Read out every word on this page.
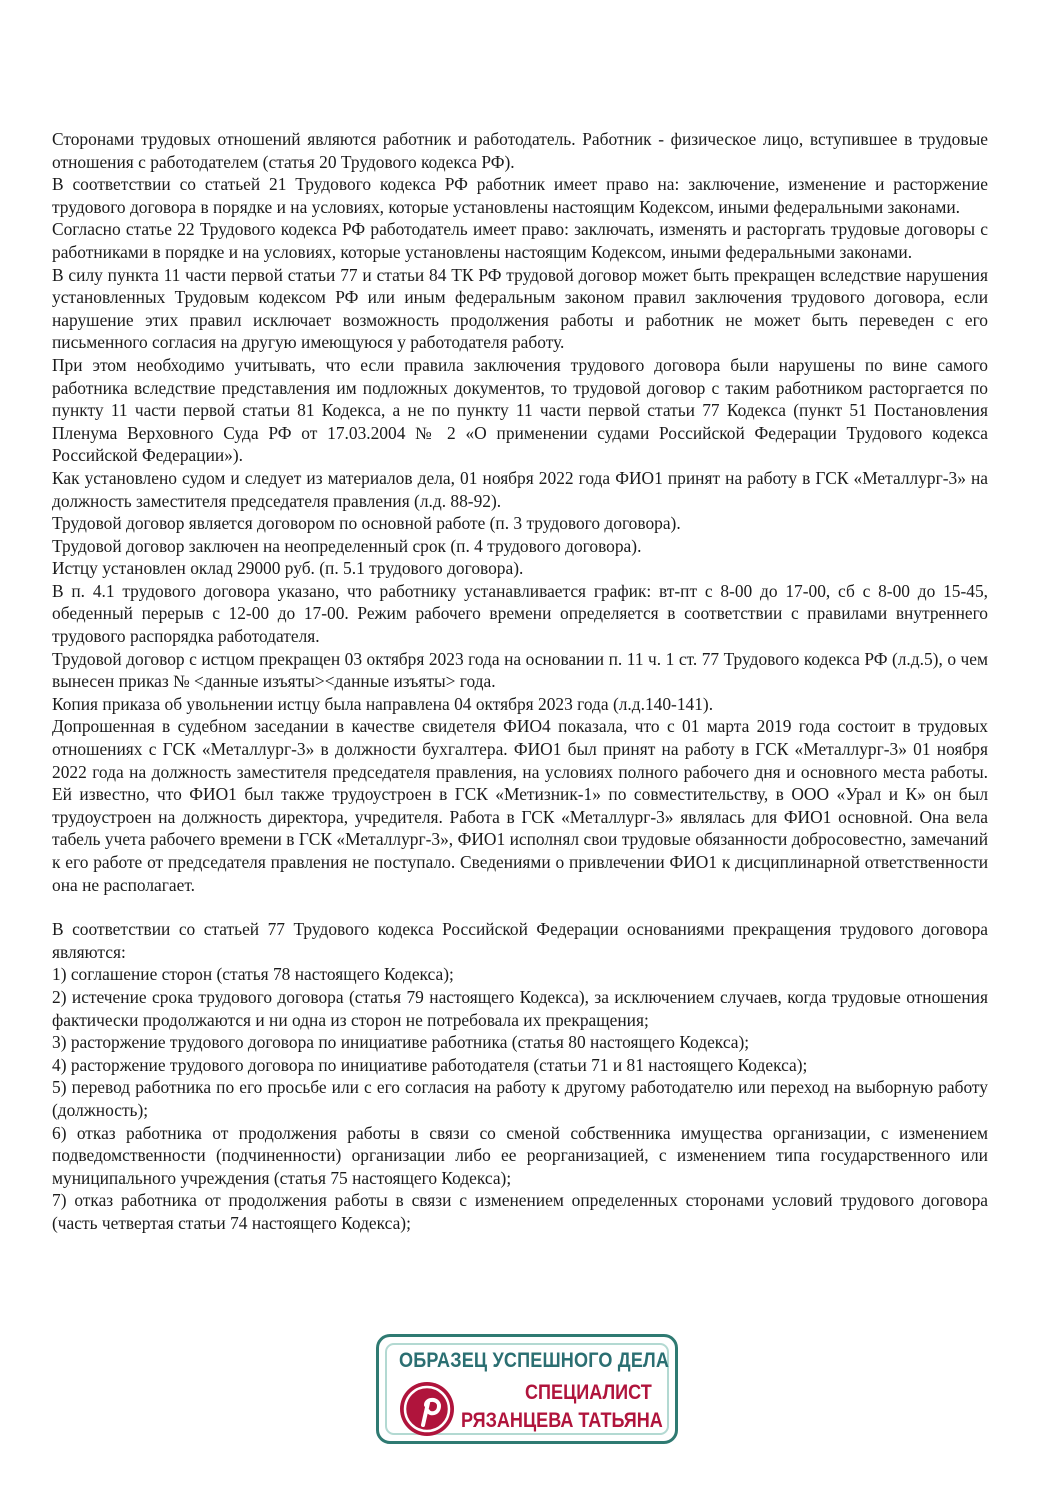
Сторонами трудовых отношений являются работник и работодатель. Работник - физическое лицо, вступившее в трудовые отношения с работодателем (статья 20 Трудового кодекса РФ).

В соответствии со статьей 21 Трудового кодекса РФ работник имеет право на: заключение, изменение и расторжение трудового договора в порядке и на условиях, которые установлены настоящим Кодексом, иными федеральными законами.

Согласно статье 22 Трудового кодекса РФ работодатель имеет право: заключать, изменять и расторгать трудовые договоры с работниками в порядке и на условиях, которые установлены настоящим Кодексом, иными федеральными законами.

В силу пункта 11 части первой статьи 77 и статьи 84 ТК РФ трудовой договор может быть прекращен вследствие нарушения установленных Трудовым кодексом РФ или иным федеральным законом правил заключения трудового договора, если нарушение этих правил исключает возможность продолжения работы и работник не может быть переведен с его письменного согласия на другую имеющуюся у работодателя работу.

При этом необходимо учитывать, что если правила заключения трудового договора были нарушены по вине самого работника вследствие представления им подложных документов, то трудовой договор с таким работником расторгается по пункту 11 части первой статьи 81 Кодекса, а не по пункту 11 части первой статьи 77 Кодекса (пункт 51 Постановления Пленума Верховного Суда РФ от 17.03.2004 № 2 «О применении судами Российской Федерации Трудового кодекса Российской Федерации»).

Как установлено судом и следует из материалов дела, 01 ноября 2022 года ФИО1 принят на работу в ГСК «Металлург-3» на должность заместителя председателя правления (л.д. 88-92).

Трудовой договор является договором по основной работе (п. 3 трудового договора).

Трудовой договор заключен на неопределенный срок (п. 4 трудового договора).

Истцу установлен оклад 29000 руб. (п. 5.1 трудового договора).

В п. 4.1 трудового договора указано, что работнику устанавливается график: вт-пт с 8-00 до 17-00, сб с 8-00 до 15-45, обеденный перерыв с 12-00 до 17-00. Режим рабочего времени определяется в соответствии с правилами внутреннего трудового распорядка работодателя.

Трудовой договор с истцом прекращен 03 октября 2023 года на основании п. 11 ч. 1 ст. 77 Трудового кодекса РФ (л.д.5), о чем вынесен приказ № <данные изъяты><данные изъяты> года.

Копия приказа об увольнении истцу была направлена 04 октября 2023 года (л.д.140-141).

Допрошенная в судебном заседании в качестве свидетеля ФИО4 показала, что с 01 марта 2019 года состоит в трудовых отношениях с ГСК «Металлург-3» в должности бухгалтера. ФИО1 был принят на работу в ГСК «Металлург-3» 01 ноября 2022 года на должность заместителя председателя правления, на условиях полного рабочего дня и основного места работы. Ей известно, что ФИО1 был также трудоустроен в ГСК «Метизник-1» по совместительству, в ООО «Урал и К» он был трудоустроен на должность директора, учредителя. Работа в ГСК «Металлург-3» являлась для ФИО1 основной. Она вела табель учета рабочего времени в ГСК «Металлург-3», ФИО1 исполнял свои трудовые обязанности добросовестно, замечаний к его работе от председателя правления не поступало. Сведениями о привлечении ФИО1 к дисциплинарной ответственности она не располагает.

В соответствии со статьей 77 Трудового кодекса Российской Федерации основаниями прекращения трудового договора являются:

1) соглашение сторон (статья 78 настоящего Кодекса);

2) истечение срока трудового договора (статья 79 настоящего Кодекса), за исключением случаев, когда трудовые отношения фактически продолжаются и ни одна из сторон не потребовала их прекращения;

3) расторжение трудового договора по инициативе работника (статья 80 настоящего Кодекса);

4) расторжение трудового договора по инициативе работодателя (статьи 71 и 81 настоящего Кодекса);

5) перевод работника по его просьбе или с его согласия на работу к другому работодателю или переход на выборную работу (должность);

6) отказ работника от продолжения работы в связи со сменой собственника имущества организации, с изменением подведомственности (подчиненности) организации либо ее реорганизацией, с изменением типа государственного или муниципального учреждения (статья 75 настоящего Кодекса);

7) отказ работника от продолжения работы в связи с изменением определенных сторонами условий трудового договора (часть четвертая статьи 74 настоящего Кодекса);

ОБРАЗЕЦ УСПЕШНОГО ДЕЛА
СПЕЦИАЛИСТ
РЯЗАНЦЕВА ТАТЬЯНА
